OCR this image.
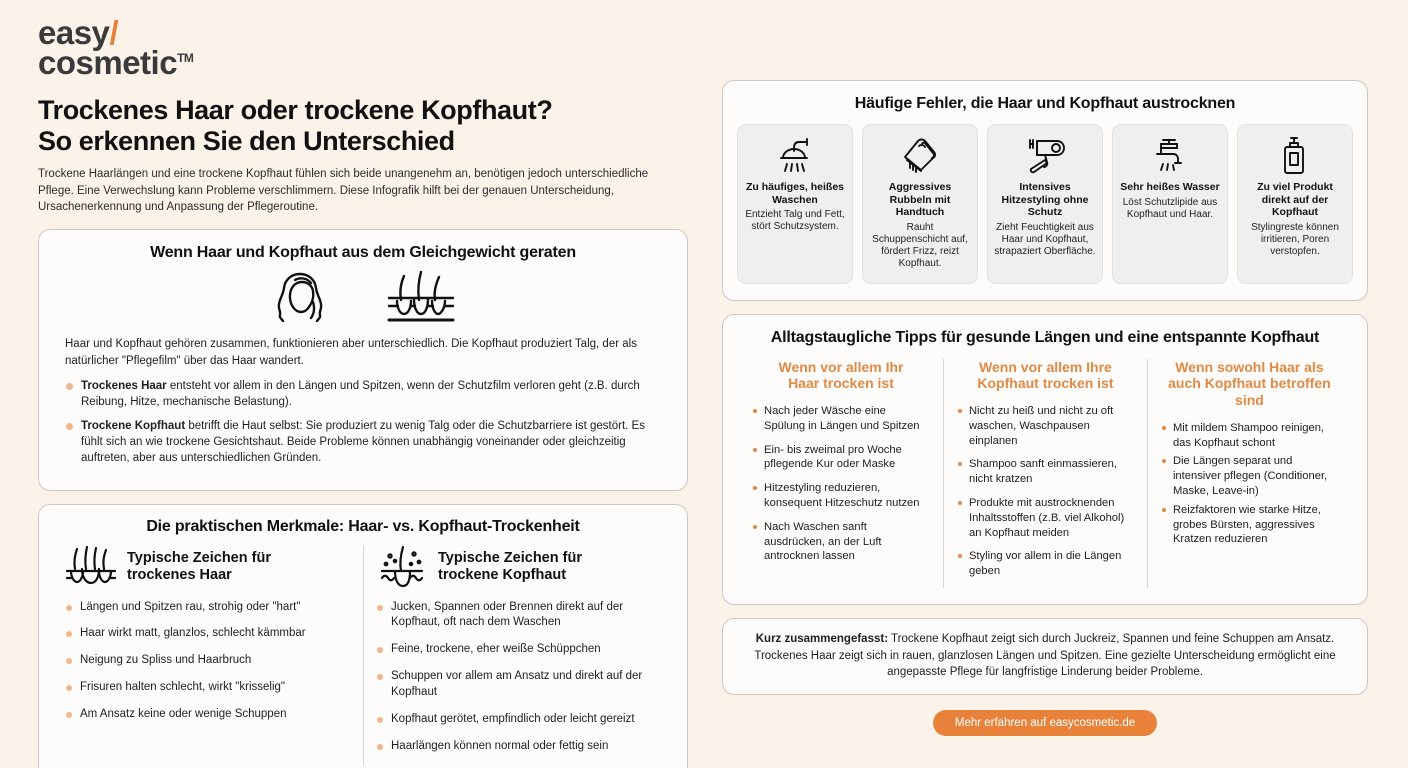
easy\
cosmetic™
Trockenes Haar oder trockene Kopfhaut?
So erkennen Sie den Unterschied
Trockene Haarlängen und eine trockene Kopfhaut fühlen sich beide unangenehm an, benötigen jedoch unterschiedliche Pflege. Eine Verwechslung kann Probleme verschlimmern. Diese Infografik hilft bei der genauen Unterscheidung, Ursachenerkennung und Anpassung der Pflegeroutine.
Wenn Haar und Kopfhaut aus dem Gleichgewicht geraten
Haar und Kopfhaut gehören zusammen, funktionieren aber unterschiedlich. Die Kopfhaut produziert Talg, der als natürlicher "Pflegefilm" über das Haar wandert.
Trockenes Haar entsteht vor allem in den Längen und Spitzen, wenn der Schutzfilm verloren geht (z.B. durch Reibung, Hitze, mechanische Belastung).
Trockene Kopfhaut betrifft die Haut selbst: Sie produziert zu wenig Talg oder die Schutzbarriere ist gestört. Es fühlt sich an wie trockene Gesichtshaut. Beide Probleme können unabhängig voneinander oder gleichzeitig auftreten, aber aus unterschiedlichen Gründen.
Die praktischen Merkmale: Haar- vs. Kopfhaut-Trockenheit
Typische Zeichen für
trockenes Haar
Längen und Spitzen rau, strohig oder "hart"
Haar wirkt matt, glanzlos, schlecht kämmbar
Neigung zu Spliss und Haarbruch
Frisuren halten schlecht, wirkt "krisselig"
Am Ansatz keine oder wenige Schuppen
Typische Zeichen für
trockene Kopfhaut
Jucken, Spannen oder Brennen direkt auf der Kopfhaut, oft nach dem Waschen
Feine, trockene, eher weiße Schüppchen
Schuppen vor allem am Ansatz und direkt auf der Kopfhaut
Kopfhaut gerötet, empfindlich oder leicht gereizt
Haarlängen können normal oder fettig sein
Häufige Fehler, die Haar und Kopfhaut austrocknen
Zu häufiges, heißes Waschen
Entzieht Talg und Fett, stört Schutzsystem.
Aggressives Rubbeln mit Handtuch
Rauht Schuppenschicht auf, fördert Frizz, reizt Kopfhaut.
Intensives Hitzestyling ohne Schutz
Zieht Feuchtigkeit aus Haar und Kopfhaut, strapaziert Oberfläche.
Sehr heißes Wasser
Löst Schutzlipide aus Kopfhaut und Haar.
Zu viel Produkt direkt auf der Kopfhaut
Stylingreste können irritieren, Poren verstopfen.
Alltagstaugliche Tipps für gesunde Längen und eine entspannte Kopfhaut
Wenn vor allem Ihr
Haar trocken ist
Nach jeder Wäsche eine Spülung in Längen und Spitzen
Ein- bis zweimal pro Woche pflegende Kur oder Maske
Hitzestyling reduzieren, konsequent Hitzeschutz nutzen
Nach Waschen sanft ausdrücken, an der Luft antrocknen lassen
Wenn vor allem Ihre
Kopfhaut trocken ist
Nicht zu heiß und nicht zu oft waschen, Waschpausen einplanen
Shampoo sanft einmassieren, nicht kratzen
Produkte mit austrocknenden Inhaltsstoffen (z.B. viel Alkohol) an Kopfhaut meiden
Styling vor allem in die Längen geben
Wenn sowohl Haar als
auch Kopfhaut betroffen sind
Mit mildem Shampoo reinigen, das Kopfhaut schont
Die Längen separat und intensiver pflegen (Conditioner, Maske, Leave-in)
Reizfaktoren wie starke Hitze, grobes Bürsten, aggressives Kratzen reduzieren
Kurz zusammengefasst: Trockene Kopfhaut zeigt sich durch Juckreiz, Spannen und feine Schuppen am Ansatz. Trockenes Haar zeigt sich in rauen, glanzlosen Längen und Spitzen. Eine gezielte Unterscheidung ermöglicht eine angepasste Pflege für langfristige Linderung beider Probleme.
Mehr erfahren auf easycosmetic.de
